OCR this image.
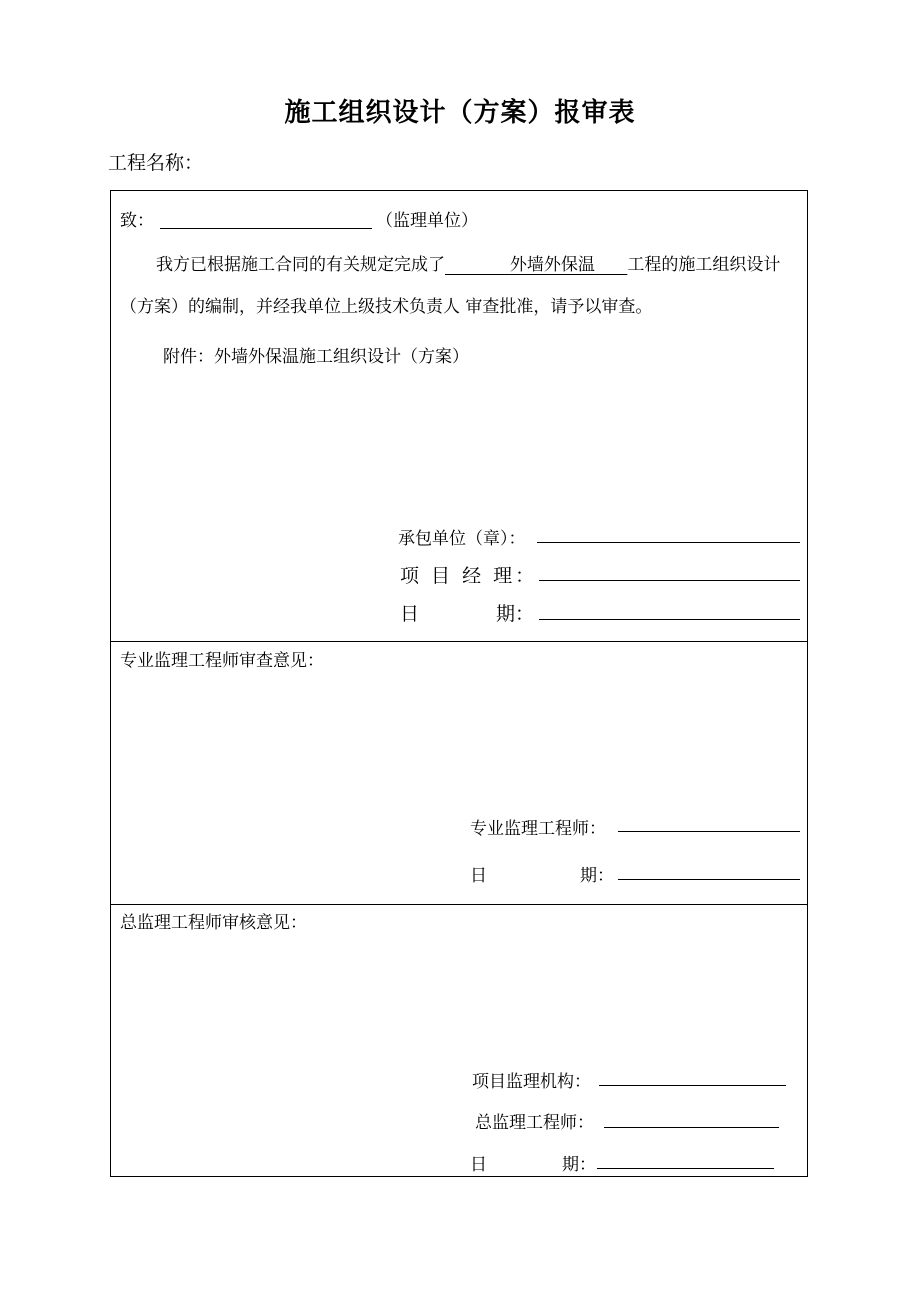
施工组织设计（方案）报审表
工程名称：
致：	（监理单位）
我方已根据施工合同的有关规定完成了      	外墙外保温    工程的施工组织设计
（方案）的编制，并经我单位上级技术负责人 审查批准，请予以审查。
附件：外墙外保温施工组织设计（方案）
承包单位（章）：
项 目 经 理：
日	期：
专业监理工程师审查意见：
专业监理工程师：
日	期：
总监理工程师审核意见：
项目监理机构：
总监理工程师：
日	期：
